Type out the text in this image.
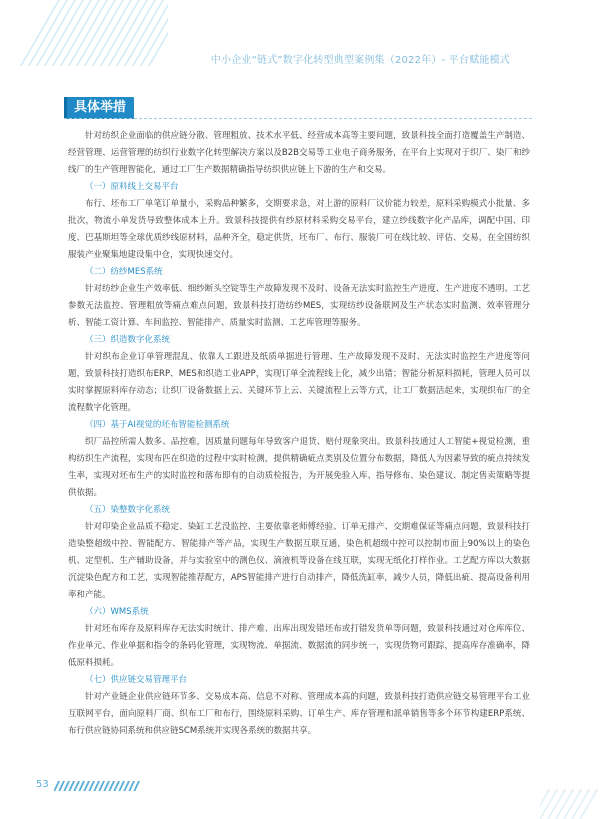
中小企业“链式”数字化转型典型案例集（2022年）- 平台赋能模式
具体举措

针对纺织企业面临的供应链分散、管理粗放、技术水平低、经营成本高等主要问题，致景科技全面打造覆盖生产制造、经营管理、运营管理的纺织行业数字化转型解决方案以及B2B交易等工业电子商务服务，在平台上实现对于织厂、染厂和纱线厂的生产管理智能化，通过工厂生产数据精确指导纺织供应链上下游的生产和交易。

（一）原料线上交易平台

布行、坯布工厂单笔订单量小，采购品种繁多，交期要求急，对上游的原料厂议价能力较差，原料采购模式小批量、多批次，物流小单发货导致整体成本上升。致景科技提供有纱原材料采购交易平台，建立纱线数字化产品库，调配中国、印度、巴基斯坦等全球优质纱线原材料，品种齐全，稳定供货，坯布厂、布行、服装厂可在线比较、评估、交易，在全国纺织服装产业聚集地建设集中仓，实现快速交付。

（二）纺纱MES系统

针对纺纱企业生产效率低、细纱断头空锭等生产故障发现不及时、设备无法实时监控生产进度、生产进度不透明、工艺参数无法监控、管理粗放等痛点难点问题，致景科技打造纺纱MES，实现纺纱设备联网及生产状态实时监测、效率管理分析、智能工资计算、车间监控、智能排产、质量实时监测、工艺库管理等服务。

（三）织造数字化系统

针对织布企业订单管理混乱、依靠人工跟进及纸质单据进行管理、生产故障发现不及时、无法实时监控生产进度等问题，致景科技打造织布ERP、MES和织造工业APP，实现订单全流程线上化，减少出错；智能分析原料损耗，管理人员可以实时掌握原料库存动态；让织厂设备数据上云、关键环节上云、关键流程上云等方式，让工厂数据活起来，实现织布厂的全流程数字化管理。

（四）基于AI视觉的坯布智能检测系统

织厂品控所需人数多、品控难，因质量问题每年导致客户退货、赔付现象突出。致景科技通过人工智能+视觉检测，重构纺织生产流程，实现布匹在织造的过程中实时检测，提供精确疵点类别及位置分布数据，降低人为因素导致的疵点持续发生率，实现对坯布生产的实时监控和落布即有的自动质检报告，为开展免验入库、指导修布、染色建议、制定售卖策略等提供依据。

（五）染整数字化系统

针对印染企业品质不稳定、染缸工艺没监控、主要依靠老师傅经验、订单无排产、交期难保证等痛点问题，致景科技打造染整超级中控、智能配方、智能排产等产品，实现生产数据互联互通，染色机超级中控可以控制市面上90%以上的染色机、定型机、生产辅助设备，并与实验室中的测色仪、滴液机等设备在线互联，实现无纸化打样作业。工艺配方库以大数据沉淀染色配方和工艺，实现智能推荐配方，APS智能排产进行自动排产，降低洗缸率，减少人员，降低出疵、提高设备利用率和产能。

（六）WMS系统

针对坯布库存及原料库存无法实时统计、排产难、出库出现发错坯布或打错发货单等问题，致景科技通过对仓库库位、作业单元、作业单据和指令的条码化管理，实现物流、单据流、数据流的同步统一，实现货物可跟踪，提高库存准确率，降低原料损耗。

（七）供应链交易管理平台

针对产业链企业供应链环节多、交易成本高、信息不对称、管理成本高的问题，致景科技打造供应链交易管理平台工业互联网平台，面向原料厂商、织布工厂和布行，围绕原料采购、订单生产、库存管理和派单销售等多个环节构建ERP系统、布行供应链协同系统和供应链SCM系统并实现各系统的数据共享。

53
